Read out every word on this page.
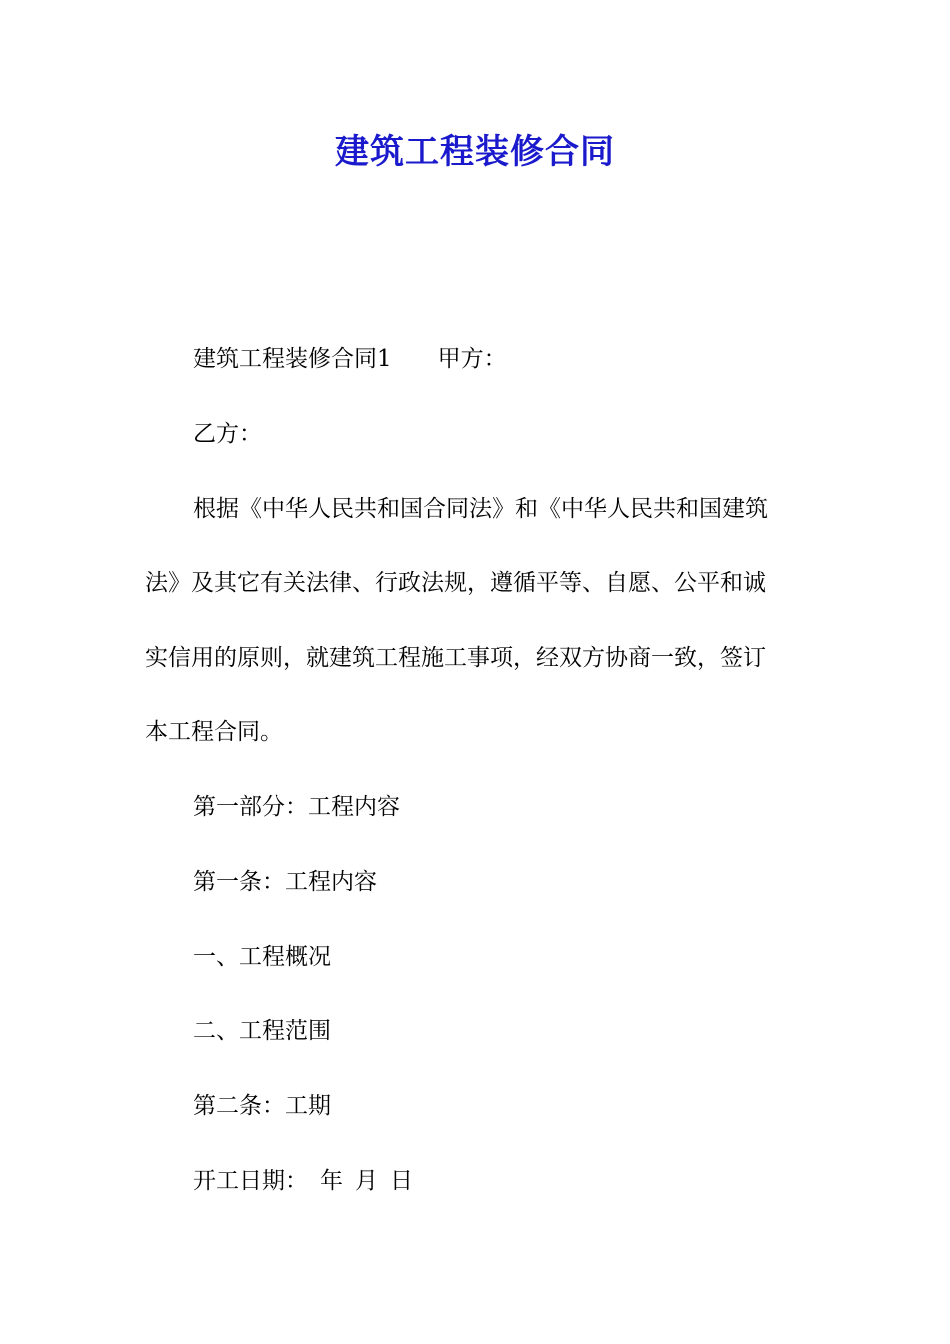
建筑工程装修合同
建筑工程装修合同1 甲方：
乙方：
根据《中华人民共和国合同法》和《中华人民共和国建筑
法》及其它有关法律、行政法规，遵循平等、自愿、公平和诚
实信用的原则，就建筑工程施工事项，经双方协商一致，签订
本工程合同。
第一部分：工程内容
第一条：工程内容
一、工程概况
二、工程范围
第二条：工期
开工日期： 年 月 日
